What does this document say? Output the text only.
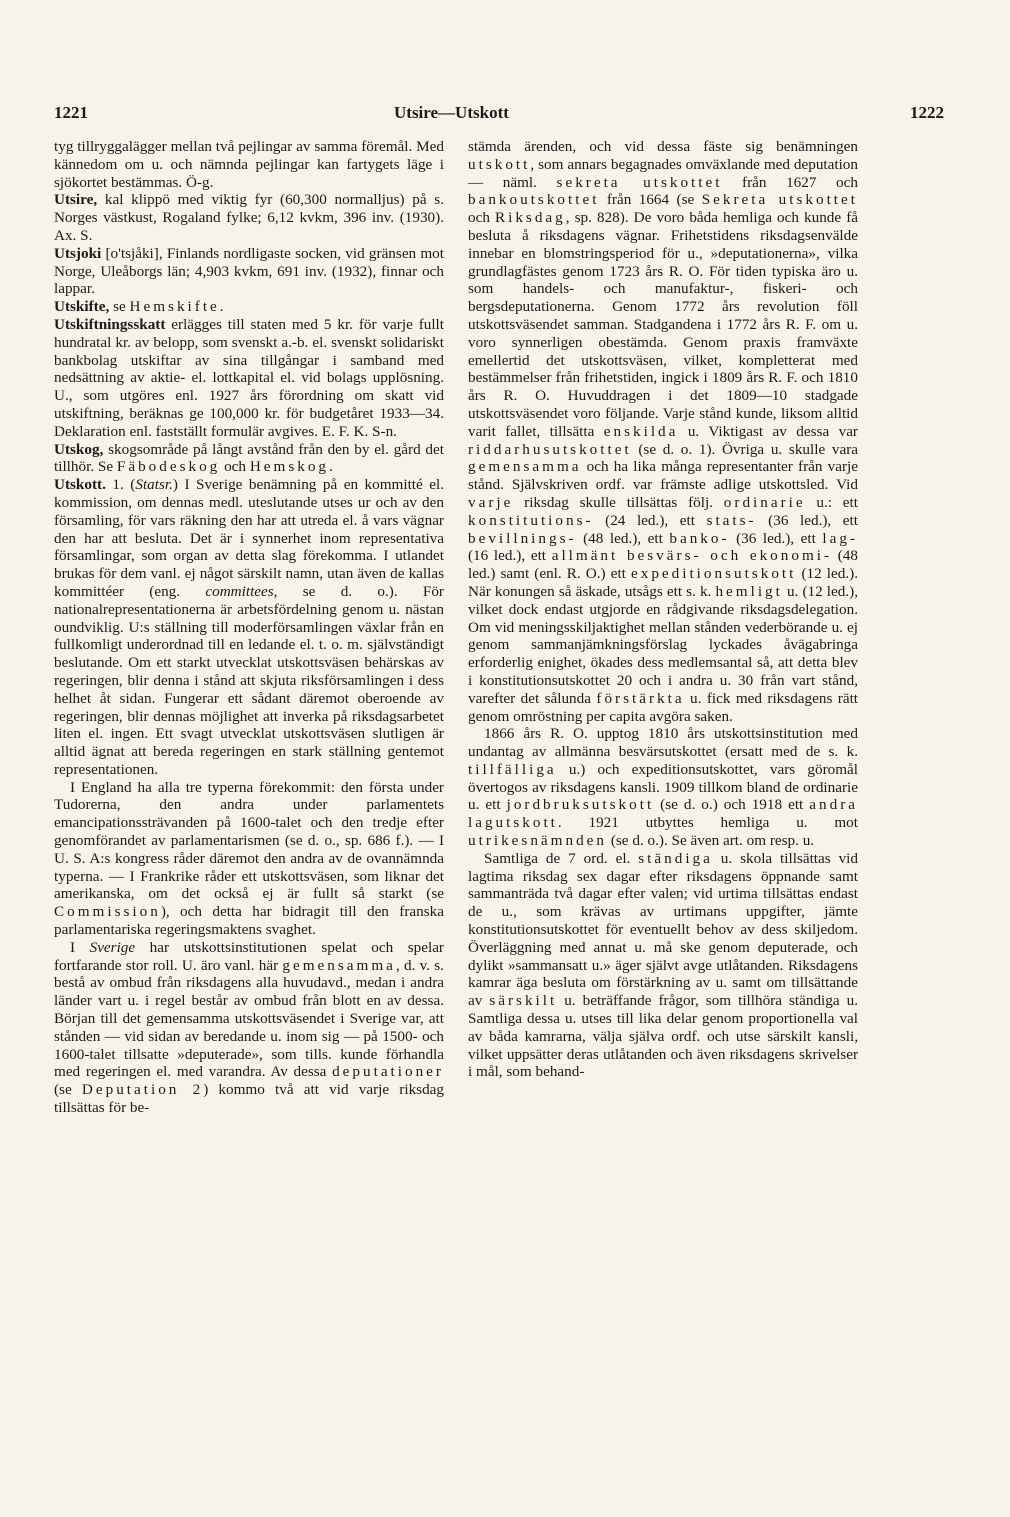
1221	Utsire—Utskott	1222

tyg tillryggalägger mellan två pejlingar av samma föremål. Med kännedom om u. och nämnda pejlingar kan fartygets läge i sjökortet bestämmas. Ö-g.

Utsire, kal klippö med viktig fyr (60,300 normalljus) på s. Norges västkust, Rogaland fylke; 6,12 kvkm, 396 inv. (1930). Ax. S.

Utsjoki [o'tsjåki], Finlands nordligaste socken, vid gränsen mot Norge, Uleåborgs län; 4,903 kvkm, 691 inv. (1932), finnar och lappar.

Utskifte, se Hemskifte.

Utskiftningsskatt erlägges till staten med 5 kr. för varje fullt hundratal kr. av belopp, som svenskt a.-b. el. svenskt solidariskt bankbolag utskiftar av sina tillgångar i samband med nedsättning av aktie- el. lottkapital el. vid bolags upplösning. U., som utgöres enl. 1927 års förordning om skatt vid utskiftning, beräknas ge 100,000 kr. för budgetåret 1933—34. Deklaration enl. fastställt formulär avgives. E. F. K. S-n.

Utskog, skogsområde på långt avstånd från den by el. gård det tillhör. Se Fäbodeskog och Hemskog.

Utskott. 1. (Statsr.) I Sverige benämning på en kommitté el. kommission, om dennas medl. uteslutande utses ur och av den församling, för vars räkning den har att utreda el. å vars vägnar den har att besluta. Det är i synnerhet inom representativa församlingar, som organ av detta slag förekomma. I utlandet brukas för dem vanl. ej något särskilt namn, utan även de kallas kommittéer (eng. committees, se d. o.). För nationalrepresentationerna är arbetsfördelning genom u. nästan oundviklig. U:s ställning till moderförsamlingen växlar från en fullkomligt underordnad till en ledande el. t. o. m. självständigt beslutande. Om ett starkt utvecklat utskottsväsen behärskas av regeringen, blir denna i stånd att skjuta riksförsamlingen i dess helhet åt sidan. Fungerar ett sådant däremot oberoende av regeringen, blir dennas möjlighet att inverka på riksdagsarbetet liten el. ingen. Ett svagt utvecklat utskottsväsen slutligen är alltid ägnat att bereda regeringen en stark ställning gentemot representationen.

I England ha alla tre typerna förekommit: den första under Tudorerna, den andra under parlamentets emancipationssträvanden på 1600-talet och den tredje efter genomförandet av parlamentarismen (se d. o., sp. 686 f.). — I U. S. A:s kongress råder däremot den andra av de ovannämnda typerna. — I Frankrike råder ett utskottsväsen, som liknar det amerikanska, om det också ej är fullt så starkt (se Commission), och detta har bidragit till den franska parlamentariska regeringsmaktens svaghet.

I Sverige har utskottsinstitutionen spelat och spelar fortfarande stor roll. U. äro vanl. här gemensamma, d. v. s. bestå av ombud från riksdagens alla huvudavd., medan i andra länder vart u. i regel består av ombud från blott en av dessa. Början till det gemensamma utskottsväsendet i Sverige var, att stånden — vid sidan av beredande u. inom sig — på 1500- och 1600-talet tillsatte »deputerade», som tills. kunde förhandla med regeringen el. med varandra. Av dessa deputationer (se Deputation 2) kommo två att vid varje riksdag tillsättas för be-

stämda ärenden, och vid dessa fäste sig benämningen utskott, som annars begagnades omväxlande med deputation — näml. sekreta utskottet från 1627 och bankoutskottet från 1664 (se Sekreta utskottet och Riksdag, sp. 828). De voro båda hemliga och kunde få besluta å riksdagens vägnar. Frihetstidens riksdagsenvälde innebar en blomstringsperiod för u., »deputationerna», vilka grundlagfästes genom 1723 års R. O. För tiden typiska äro u. som handels- och manufaktur-, fiskeri- och bergsdeputationerna. Genom 1772 års revolution föll utskottsväsendet samman. Stadgandena i 1772 års R. F. om u. voro synnerligen obestämda. Genom praxis framväxte emellertid det utskottsväsen, vilket, kompletterat med bestämmelser från frihetstiden, ingick i 1809 års R. F. och 1810 års R. O. Huvuddragen i det 1809—10 stadgade utskottsväsendet voro följande. Varje stånd kunde, liksom alltid varit fallet, tillsätta enskilda u. Viktigast av dessa var riddarhusutskottet (se d. o. 1). Övriga u. skulle vara gemensamma och ha lika många representanter från varje stånd. Självskriven ordf. var främste adlige utskottsled. Vid varje riksdag skulle tillsättas följ. ordinarie u.: ett konstitutions- (24 led.), ett stats- (36 led.), ett bevillnings- (48 led.), ett banko- (36 led.), ett lag- (16 led.), ett allmänt besvärs- och ekonomi- (48 led.) samt (enl. R. O.) ett expeditionsutskott (12 led.). När konungen så äskade, utsågs ett s. k. hemligt u. (12 led.), vilket dock endast utgjorde en rådgivande riksdagsdelegation. Om vid meningsskiljaktighet mellan stånden vederbörande u. ej genom sammanjämkningsförslag lyckades åvägabringa erforderlig enighet, ökades dess medlemsantal så, att detta blev i konstitutionsutskottet 20 och i andra u. 30 från vart stånd, varefter det sålunda förstärkta u. fick med riksdagens rätt genom omröstning per capita avgöra saken.

1866 års R. O. upptog 1810 års utskottsinstitution med undantag av allmänna besvärsutskottet (ersatt med de s. k. tillfälliga u.) och expeditionsutskottet, vars göromål övertogos av riksdagens kansli. 1909 tillkom bland de ordinarie u. ett jordbruksutskott (se d. o.) och 1918 ett andra lagutskott. 1921 utbyttes hemliga u. mot utrikesnämnden (se d. o.). Se även art. om resp. u.

Samtliga de 7 ord. el. ständiga u. skola tillsättas vid lagtima riksdag sex dagar efter riksdagens öppnande samt sammanträda två dagar efter valen; vid urtima tillsättas endast de u., som krävas av urtimans uppgifter, jämte konstitutionsutskottet för eventuellt behov av dess skiljedom. Överläggning med annat u. må ske genom deputerade, och dylikt »sammansatt u.» äger självt avge utlåtanden. Riksdagens kamrar äga besluta om förstärkning av u. samt om tillsättande av särskilt u. beträffande frågor, som tillhöra ständiga u. Samtliga dessa u. utses till lika delar genom proportionella val av båda kamrarna, välja själva ordf. och utse särskilt kansli, vilket uppsätter deras utlåtanden och även riksdagens skrivelser i mål, som behand-
